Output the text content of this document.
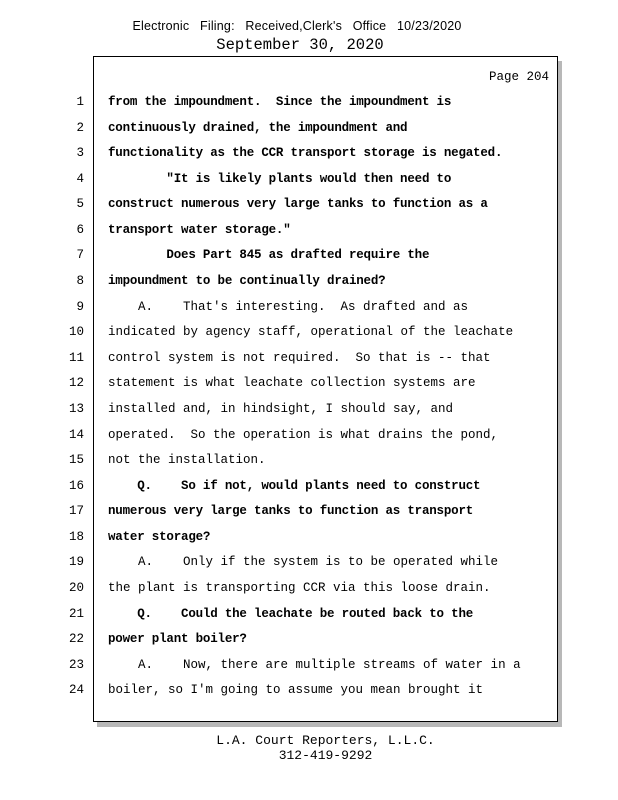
Electronic Filing: Received,Clerk's Office 10/23/2020
September 30, 2020
Page 204
1	from the impoundment.  Since the impoundment is
2	continuously drained, the impoundment and
3	functionality as the CCR transport storage is negated.
4	"It is likely plants would then need to
5	construct numerous very large tanks to function as a
6	transport water storage."
7	Does Part 845 as drafted require the
8	impoundment to be continually drained?
9	A.    That's interesting.  As drafted and as
10	indicated by agency staff, operational of the leachate
11	control system is not required.  So that is -- that
12	statement is what leachate collection systems are
13	installed and, in hindsight, I should say, and
14	operated.  So the operation is what drains the pond,
15	not the installation.
16	Q.    So if not, would plants need to construct
17	numerous very large tanks to function as transport
18	water storage?
19	A.    Only if the system is to be operated while
20	the plant is transporting CCR via this loose drain.
21	Q.    Could the leachate be routed back to the
22	power plant boiler?
23	A.    Now, there are multiple streams of water in a
24	boiler, so I'm going to assume you mean brought it
L.A. Court Reporters, L.L.C.
312-419-9292
